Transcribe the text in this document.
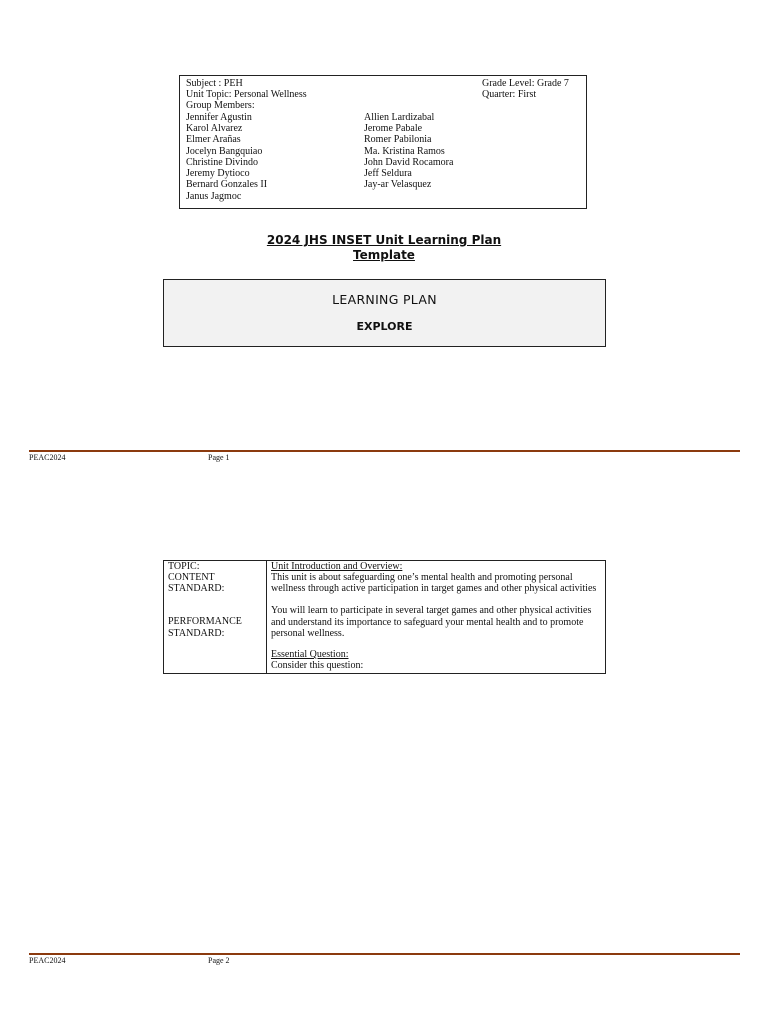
Subject : PEH
Unit Topic: Personal Wellness
Group Members:
Grade Level: Grade 7
Quarter: First
Jennifer Agustin
Karol Alvarez
Elmer Arañas
Jocelyn Bangquiao
Christine Divindo
Jeremy Dytioco
Bernard Gonzales II
Janus Jagmoc
Allien Lardizabal
Jerome Pabale
Romer Pabilonia
Ma. Kristina Ramos
John David Rocamora
Jeff Seldura
Jay-ar Velasquez
2024 JHS INSET Unit Learning Plan
Template
LEARNING PLAN
EXPLORE
PEAC2024	Page 1
TOPIC:
CONTENT
STANDARD:
PERFORMANCE
STANDARD:
Unit Introduction and Overview:
This unit is about safeguarding one’s mental health and promoting personal
wellness through active participation in target games and other physical activities
You will learn to participate in several target games and other physical activities
and understand its importance to safeguard your mental health and to promote
personal wellness.
Essential Question:
Consider this question:
PEAC2024	Page 2
